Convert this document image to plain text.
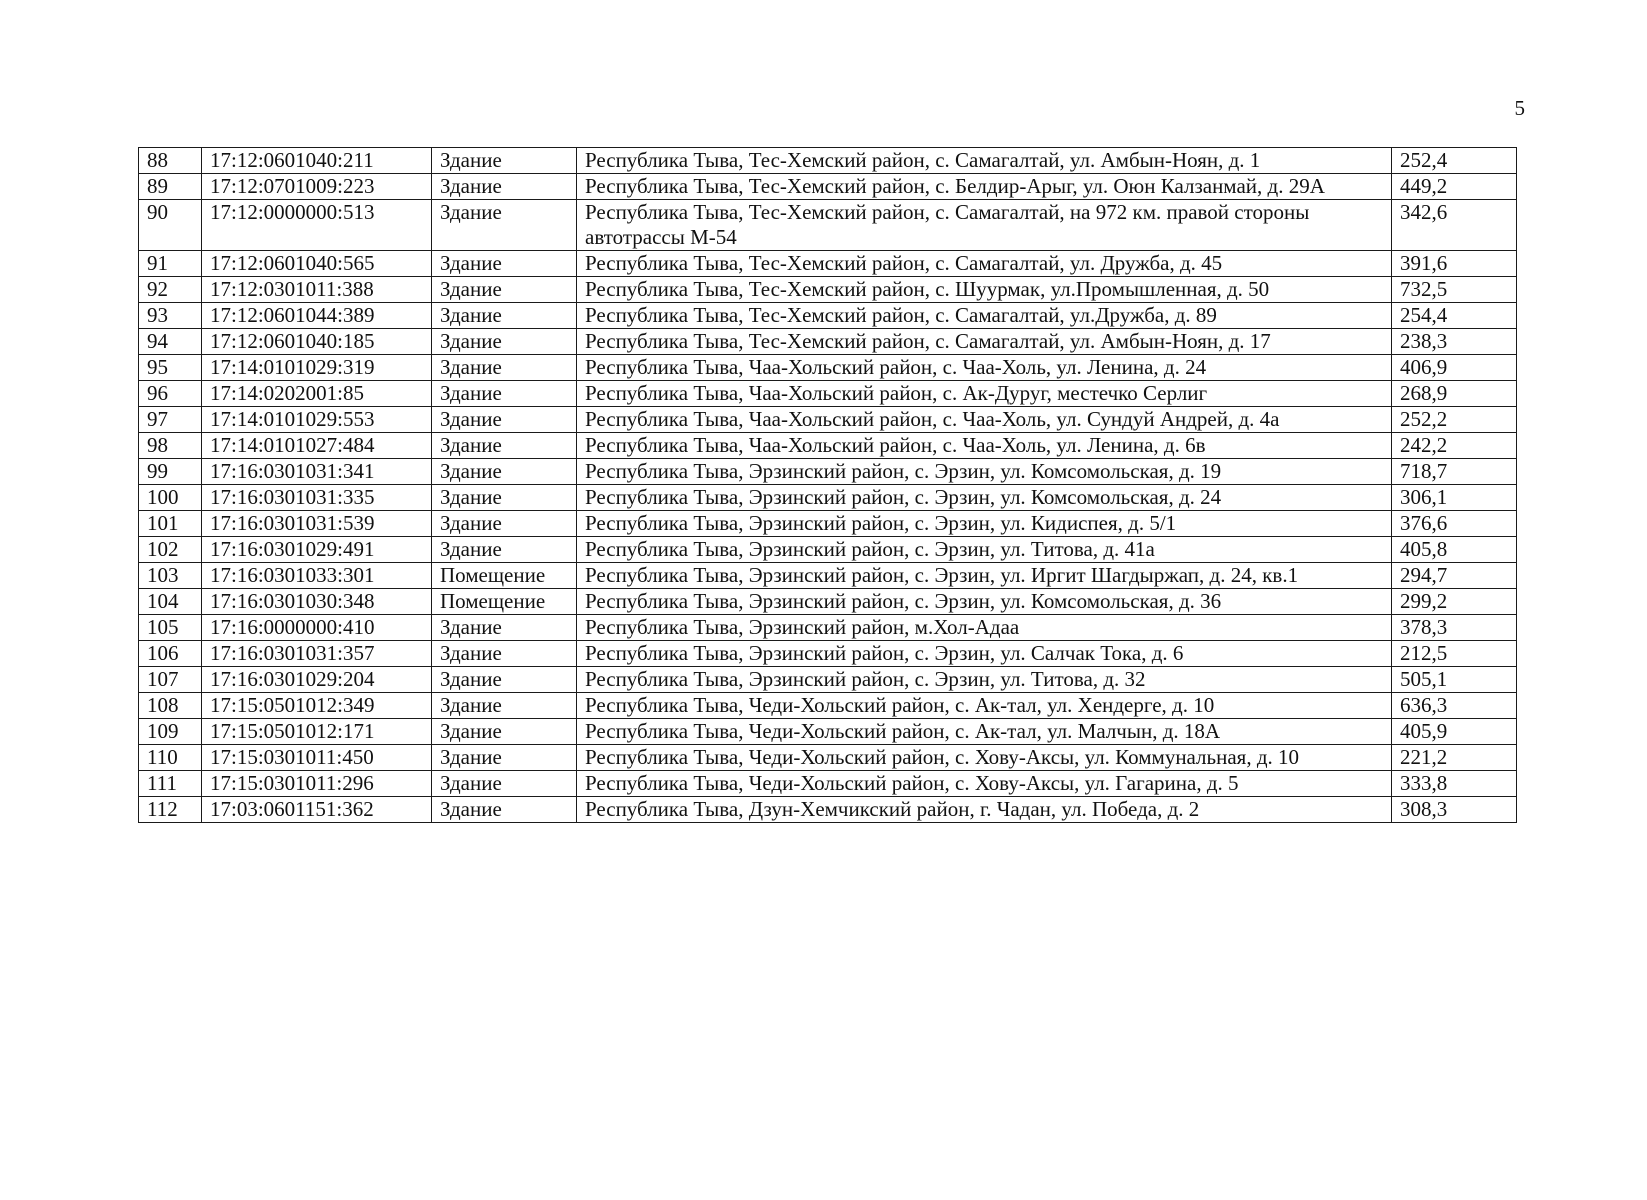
5
88	17:12:0601040:211	Здание	Республика Тыва, Тес-Хемский район, с. Самагалтай, ул. Амбын-Ноян, д. 1	252,4
89	17:12:0701009:223	Здание	Республика Тыва, Тес-Хемский район, с. Белдир-Арыг, ул. Оюн Калзанмай, д. 29А	449,2
90	17:12:0000000:513	Здание	Республика Тыва, Тес-Хемский район, с. Самагалтай, на 972 км. правой стороны автотрассы М-54	342,6
91	17:12:0601040:565	Здание	Республика Тыва, Тес-Хемский район, с. Самагалтай, ул. Дружба, д. 45	391,6
92	17:12:0301011:388	Здание	Республика Тыва, Тес-Хемский район, с. Шуурмак, ул.Промышленная, д. 50	732,5
93	17:12:0601044:389	Здание	Республика Тыва, Тес-Хемский район, с. Самагалтай, ул.Дружба, д. 89	254,4
94	17:12:0601040:185	Здание	Республика Тыва, Тес-Хемский район, с. Самагалтай, ул. Амбын-Ноян, д. 17	238,3
95	17:14:0101029:319	Здание	Республика Тыва, Чаа-Хольский район, с. Чаа-Холь, ул. Ленина, д. 24	406,9
96	17:14:0202001:85	Здание	Республика Тыва, Чаа-Хольский район, с. Ак-Дуруг, местечко Серлиг	268,9
97	17:14:0101029:553	Здание	Республика Тыва, Чаа-Хольский район, с. Чаа-Холь, ул. Сундуй Андрей, д. 4а	252,2
98	17:14:0101027:484	Здание	Республика Тыва, Чаа-Хольский район, с. Чаа-Холь, ул. Ленина, д. 6в	242,2
99	17:16:0301031:341	Здание	Республика Тыва, Эрзинский район, с. Эрзин, ул. Комсомольская, д. 19	718,7
100	17:16:0301031:335	Здание	Республика Тыва, Эрзинский район, с. Эрзин, ул. Комсомольская, д. 24	306,1
101	17:16:0301031:539	Здание	Республика Тыва, Эрзинский район, с. Эрзин, ул. Кидиспея, д. 5/1	376,6
102	17:16:0301029:491	Здание	Республика Тыва, Эрзинский район, с. Эрзин, ул. Титова, д. 41а	405,8
103	17:16:0301033:301	Помещение	Республика Тыва, Эрзинский район, с. Эрзин, ул. Иргит Шагдыржап, д. 24, кв.1	294,7
104	17:16:0301030:348	Помещение	Республика Тыва, Эрзинский район, с. Эрзин, ул. Комсомольская, д. 36	299,2
105	17:16:0000000:410	Здание	Республика Тыва, Эрзинский район, м.Хол-Адаа	378,3
106	17:16:0301031:357	Здание	Республика Тыва, Эрзинский район, с. Эрзин, ул. Салчак Тока, д. 6	212,5
107	17:16:0301029:204	Здание	Республика Тыва, Эрзинский район, с. Эрзин, ул. Титова, д. 32	505,1
108	17:15:0501012:349	Здание	Республика Тыва, Чеди-Хольский район, с. Ак-тал, ул. Хендерге, д. 10	636,3
109	17:15:0501012:171	Здание	Республика Тыва, Чеди-Хольский район, с. Ак-тал, ул. Малчын, д. 18А	405,9
110	17:15:0301011:450	Здание	Республика Тыва, Чеди-Хольский район, с. Хову-Аксы, ул. Коммунальная, д. 10	221,2
111	17:15:0301011:296	Здание	Республика Тыва, Чеди-Хольский район, с. Хову-Аксы, ул. Гагарина, д. 5	333,8
112	17:03:0601151:362	Здание	Республика Тыва, Дзун-Хемчикский район, г. Чадан, ул. Победа, д. 2	308,3
